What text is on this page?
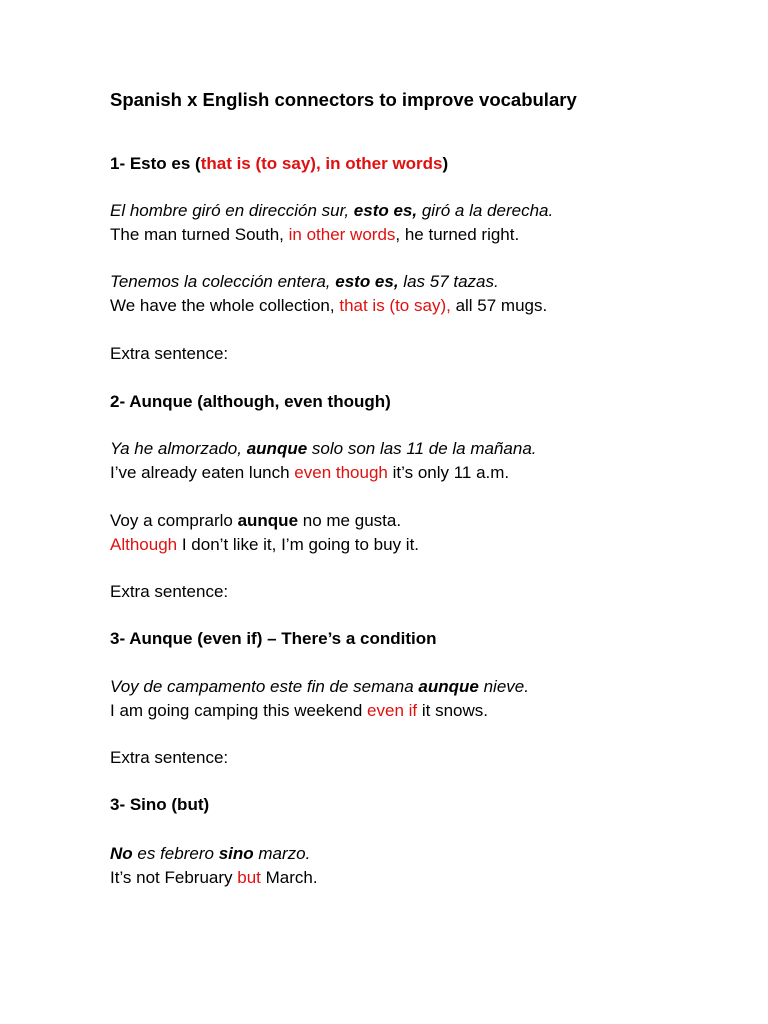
Spanish x English connectors to improve vocabulary
1- Esto es (that is (to say), in other words)
El hombre giró en dirección sur, esto es, giró a la derecha.
The man turned South, in other words, he turned right.
Tenemos la colección entera, esto es, las 57 tazas.
We have the whole collection, that is (to say), all 57 mugs.
Extra sentence:
2- Aunque (although, even though)
Ya he almorzado, aunque solo son las 11 de la mañana.
I’ve already eaten lunch even though it’s only 11 a.m.
Voy a comprarlo aunque no me gusta.
Although I don’t like it, I’m going to buy it.
Extra sentence:
3- Aunque (even if) – There’s a condition
Voy de campamento este fin de semana aunque nieve.
I am going camping this weekend even if it snows.
Extra sentence:
3- Sino (but)
No es febrero sino marzo.
It’s not February but March.
